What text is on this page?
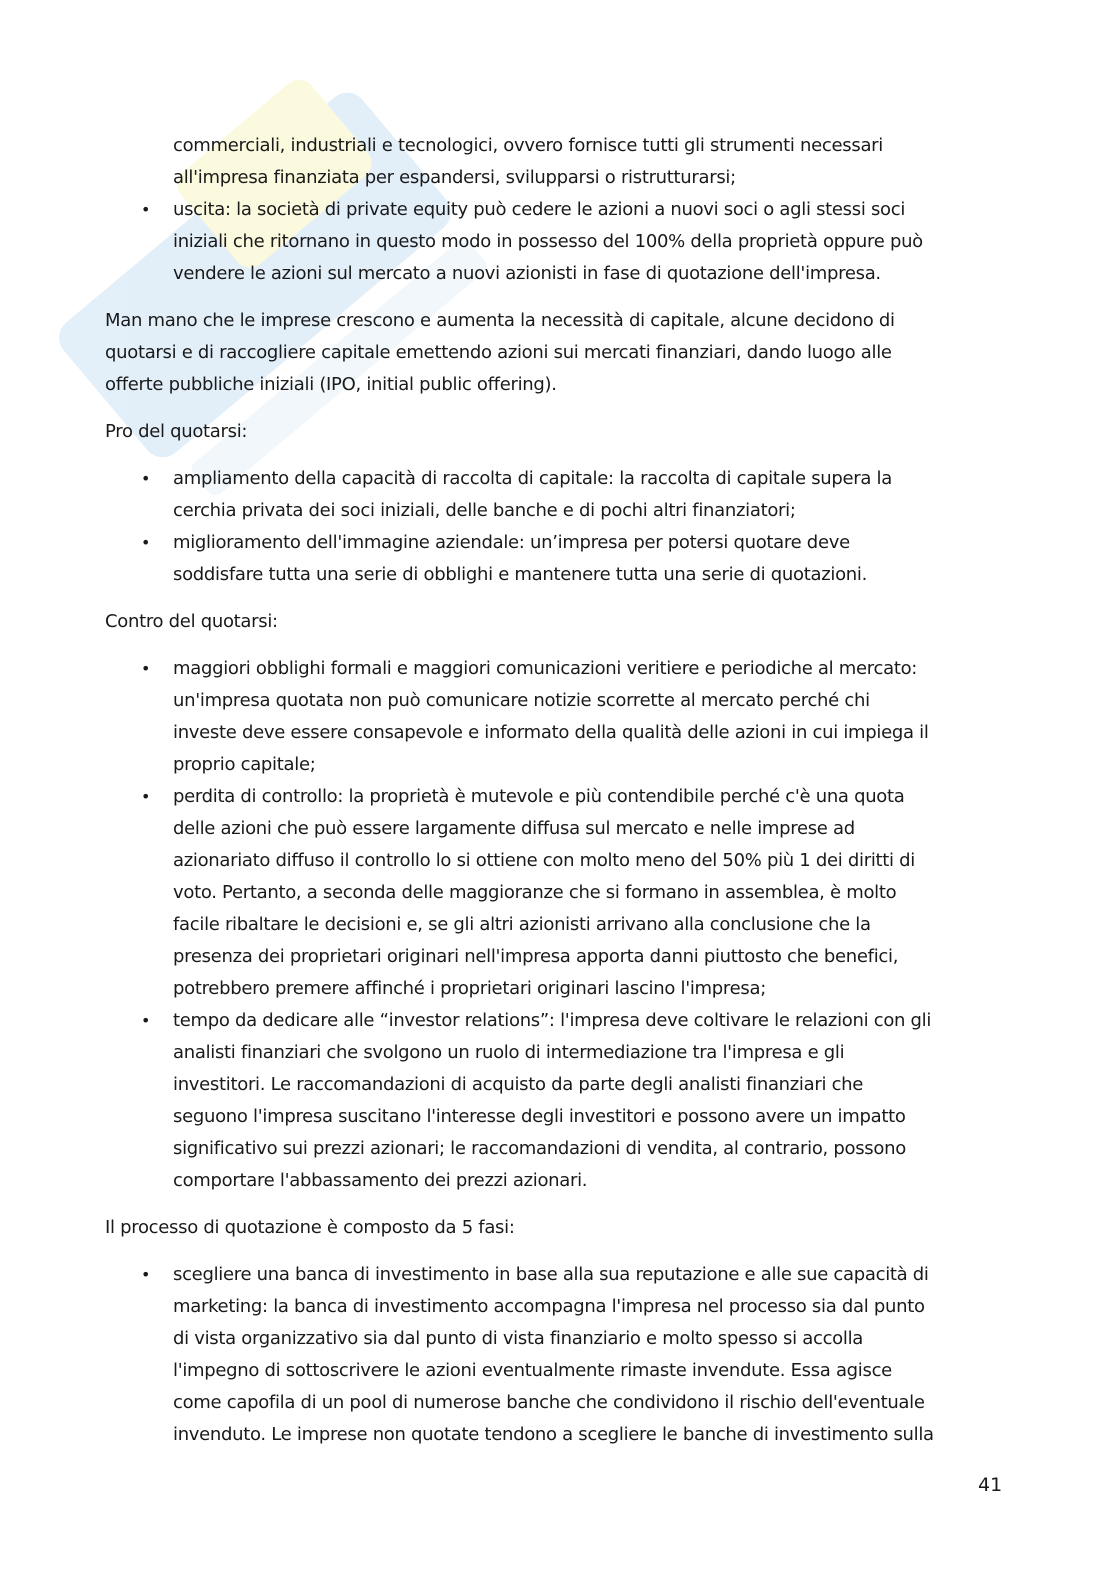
commerciali, industriali e tecnologici, ovvero fornisce tutti gli strumenti necessari
all'impresa finanziata per espandersi, svilupparsi o ristrutturarsi;
• uscita: la società di private equity può cedere le azioni a nuovi soci o agli stessi soci
iniziali che ritornano in questo modo in possesso del 100% della proprietà oppure può
vendere le azioni sul mercato a nuovi azionisti in fase di quotazione dell'impresa.
Man mano che le imprese crescono e aumenta la necessità di capitale, alcune decidono di
quotarsi e di raccogliere capitale emettendo azioni sui mercati finanziari, dando luogo alle
offerte pubbliche iniziali (IPO, initial public offering).
Pro del quotarsi:
• ampliamento della capacità di raccolta di capitale: la raccolta di capitale supera la
cerchia privata dei soci iniziali, delle banche e di pochi altri finanziatori;
• miglioramento dell'immagine aziendale: un’impresa per potersi quotare deve
soddisfare tutta una serie di obblighi e mantenere tutta una serie di quotazioni.
Contro del quotarsi:
• maggiori obblighi formali e maggiori comunicazioni veritiere e periodiche al mercato:
un'impresa quotata non può comunicare notizie scorrette al mercato perché chi
investe deve essere consapevole e informato della qualità delle azioni in cui impiega il
proprio capitale;
• perdita di controllo: la proprietà è mutevole e più contendibile perché c'è una quota
delle azioni che può essere largamente diffusa sul mercato e nelle imprese ad
azionariato diffuso il controllo lo si ottiene con molto meno del 50% più 1 dei diritti di
voto. Pertanto, a seconda delle maggioranze che si formano in assemblea, è molto
facile ribaltare le decisioni e, se gli altri azionisti arrivano alla conclusione che la
presenza dei proprietari originari nell'impresa apporta danni piuttosto che benefici,
potrebbero premere affinché i proprietari originari lascino l'impresa;
• tempo da dedicare alle “investor relations”: l'impresa deve coltivare le relazioni con gli
analisti finanziari che svolgono un ruolo di intermediazione tra l'impresa e gli
investitori. Le raccomandazioni di acquisto da parte degli analisti finanziari che
seguono l'impresa suscitano l'interesse degli investitori e possono avere un impatto
significativo sui prezzi azionari; le raccomandazioni di vendita, al contrario, possono
comportare l'abbassamento dei prezzi azionari.
Il processo di quotazione è composto da 5 fasi:
• scegliere una banca di investimento in base alla sua reputazione e alle sue capacità di
marketing: la banca di investimento accompagna l'impresa nel processo sia dal punto
di vista organizzativo sia dal punto di vista finanziario e molto spesso si accolla
l'impegno di sottoscrivere le azioni eventualmente rimaste invendute. Essa agisce
come capofila di un pool di numerose banche che condividono il rischio dell'eventuale
invenduto. Le imprese non quotate tendono a scegliere le banche di investimento sulla
41
